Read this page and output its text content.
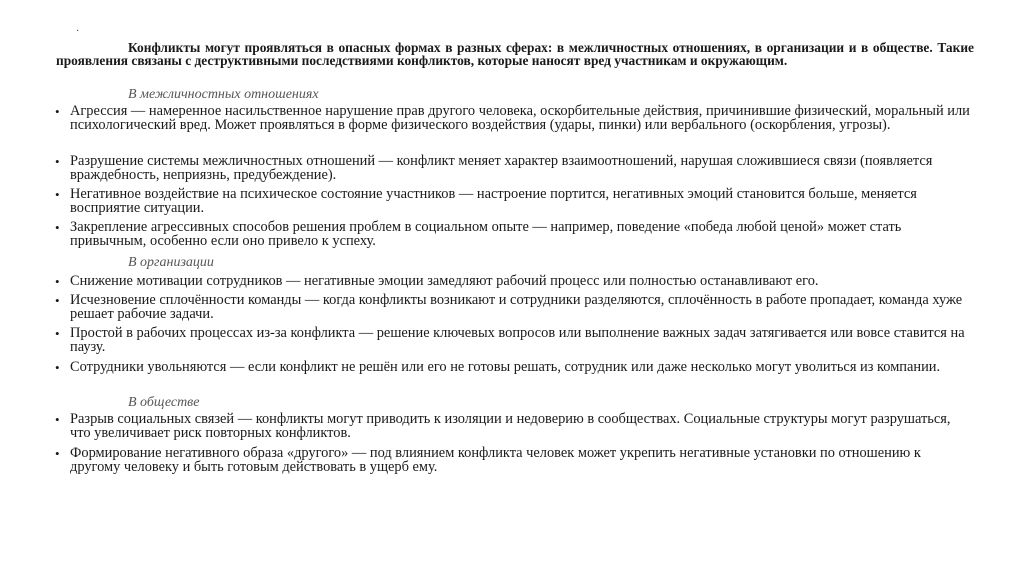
·
Конфликты могут проявляться в опасных формах в разных сферах: в межличностных отношениях, в организации и в обществе. Такие проявления связаны с деструктивными последствиями конфликтов, которые наносят вред участникам и окружающим.
В межличностных отношениях
• Агрессия — намеренное насильственное нарушение прав другого человека, оскорбительные действия, причинившие физический, моральный или психологический вред. Может проявляться в форме физического воздействия (удары, пинки) или вербального (оскорбления, угрозы).
• Разрушение системы межличностных отношений — конфликт меняет характер взаимоотношений, нарушая сложившиеся связи (появляется враждебность, неприязнь, предубеждение).
• Негативное воздействие на психическое состояние участников — настроение портится, негативных эмоций становится больше, меняется восприятие ситуации.
• Закрепление агрессивных способов решения проблем в социальном опыте — например, поведение «победа любой ценой» может стать привычным, особенно если оно привело к успеху.
В организации
• Снижение мотивации сотрудников — негативные эмоции замедляют рабочий процесс или полностью останавливают его.
• Исчезновение сплочённости команды — когда конфликты возникают и сотрудники разделяются, сплочённость в работе пропадает, команда хуже решает рабочие задачи.
• Простой в рабочих процессах из-за конфликта — решение ключевых вопросов или выполнение важных задач затягивается или вовсе ставится на паузу.
• Сотрудники увольняются — если конфликт не решён или его не готовы решать, сотрудник или даже несколько могут уволиться из компании.
В обществе
• Разрыв социальных связей — конфликты могут приводить к изоляции и недоверию в сообществах. Социальные структуры могут разрушаться, что увеличивает риск повторных конфликтов.
• Формирование негативного образа «другого» — под влиянием конфликта человек может укрепить негативные установки по отношению к другому человеку и быть готовым действовать в ущерб ему.
